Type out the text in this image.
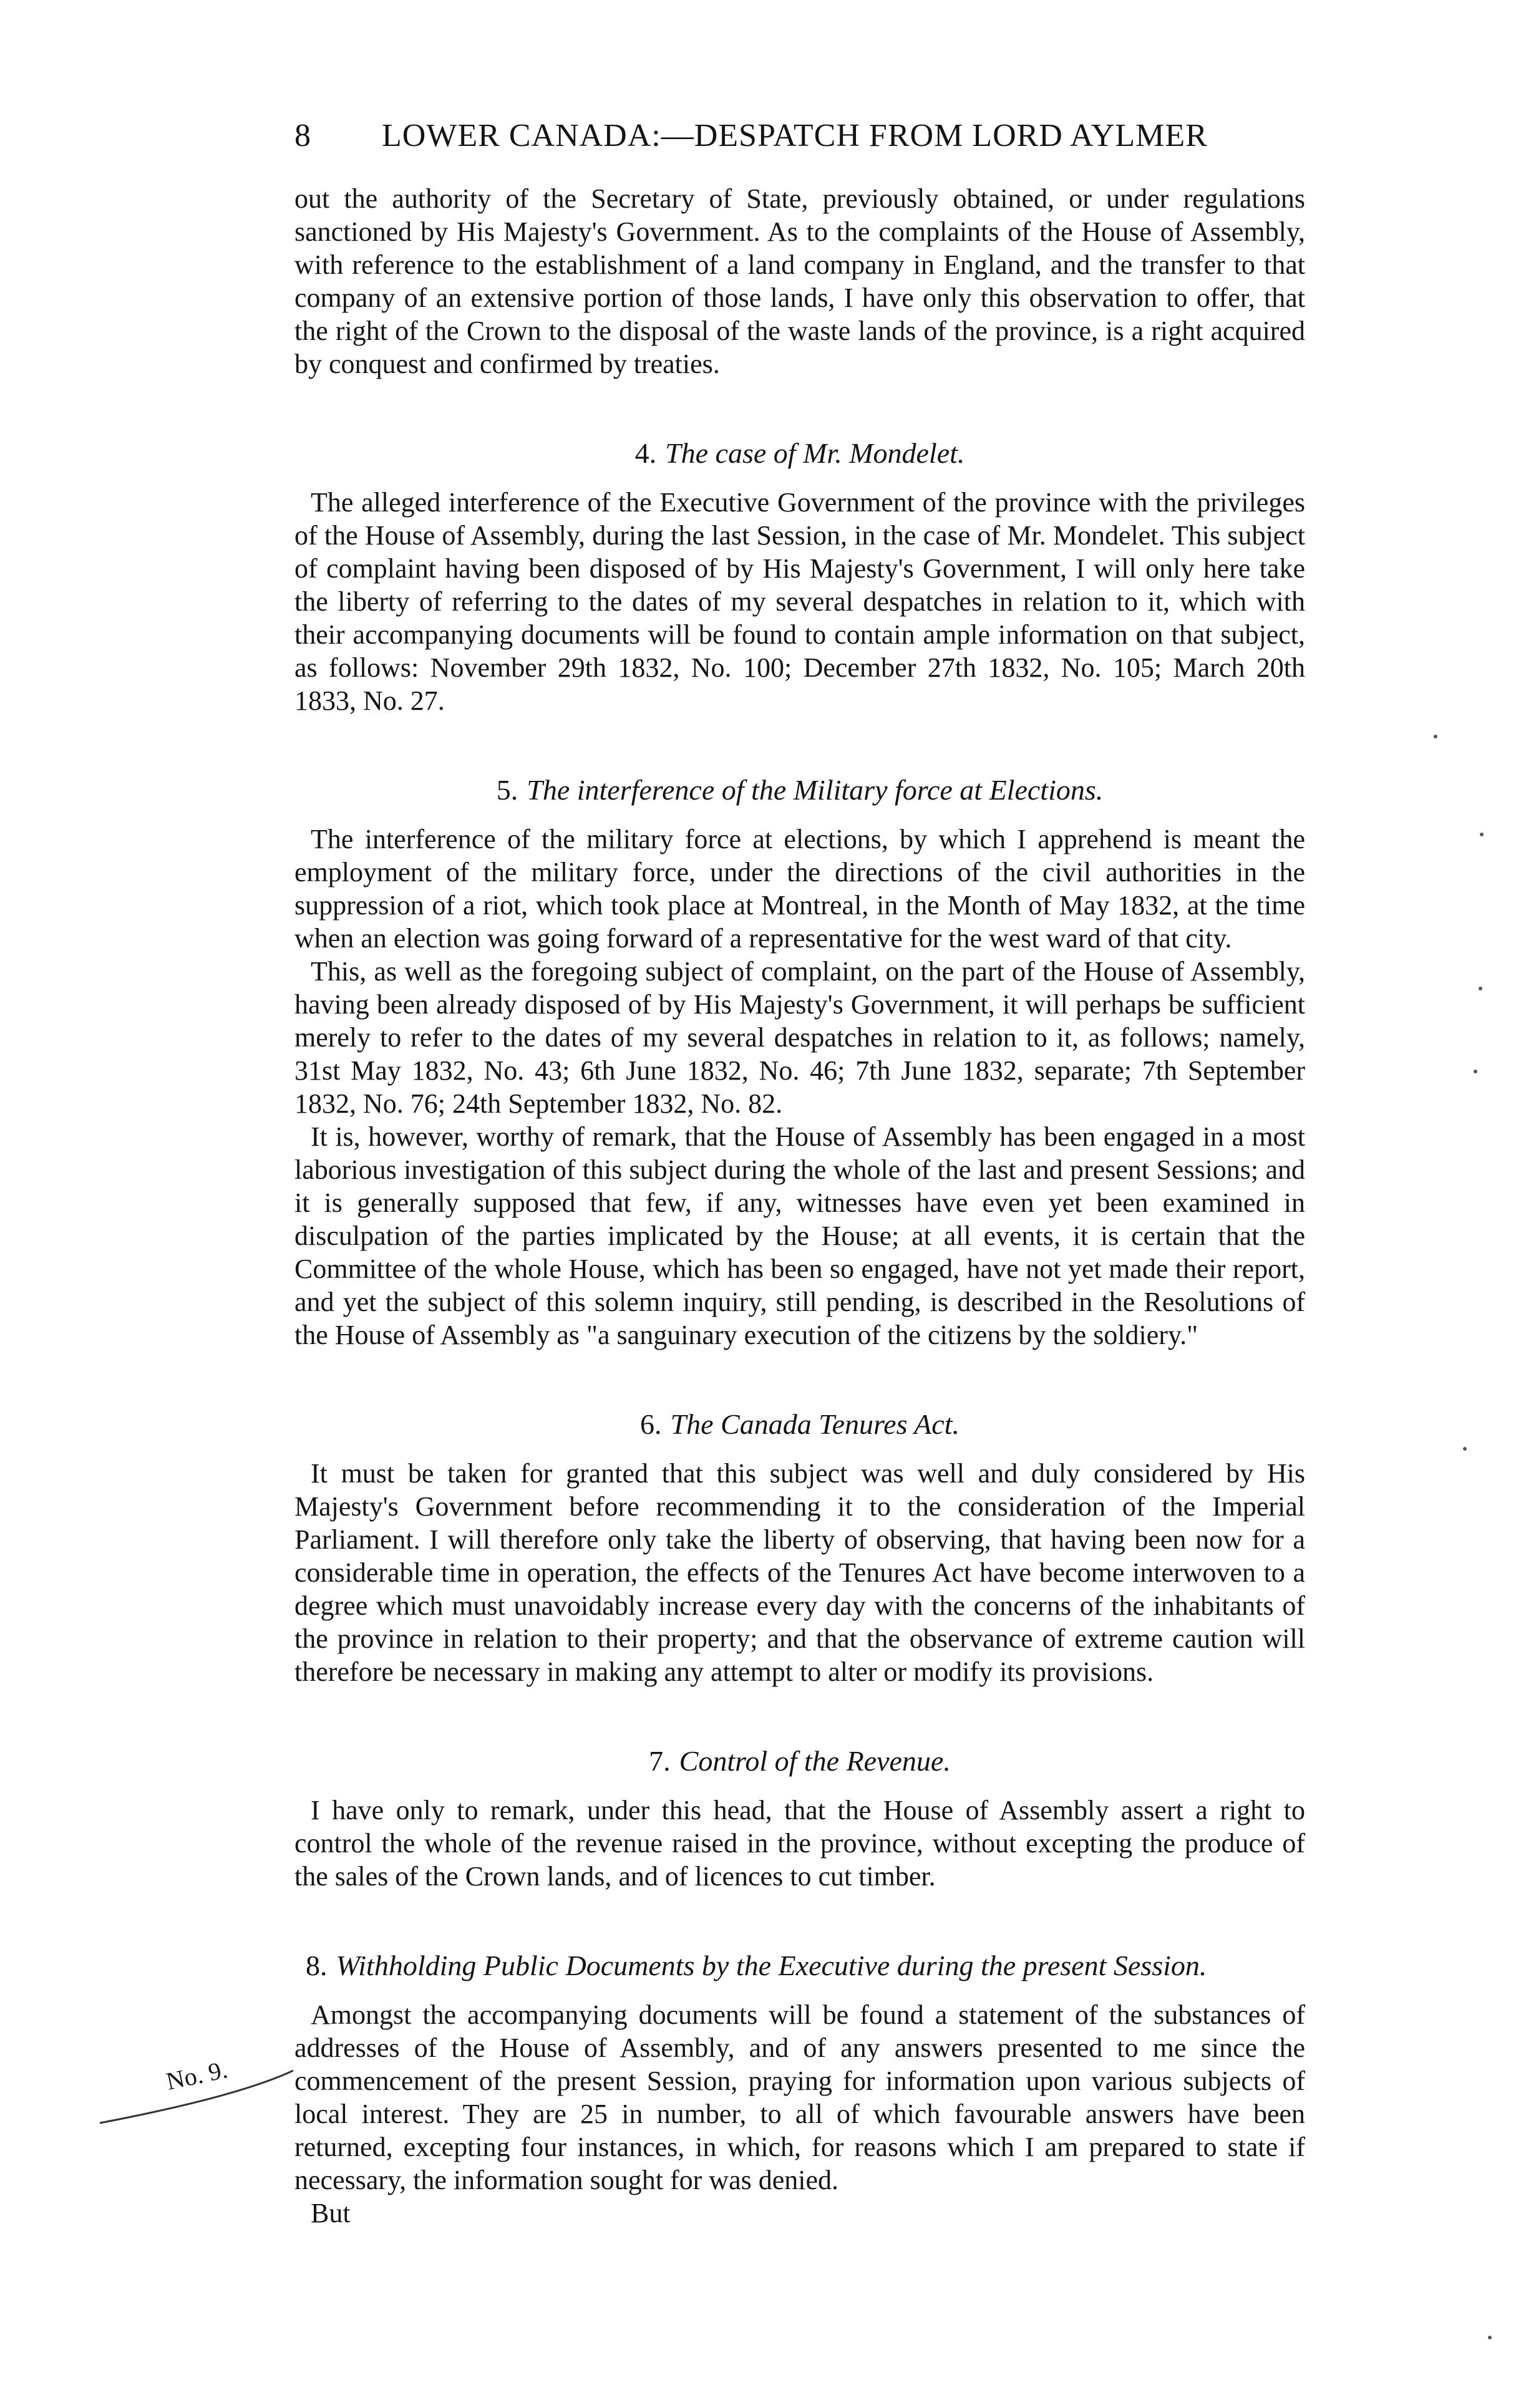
8 LOWER CANADA:—DESPATCH FROM LORD AYLMER

out the authority of the Secretary of State, previously obtained, or under regulations sanctioned by His Majesty's Government. As to the complaints of the House of Assembly, with reference to the establishment of a land company in England, and the transfer to that company of an extensive portion of those lands, I have only this observation to offer, that the right of the Crown to the disposal of the waste lands of the province, is a right acquired by conquest and confirmed by treaties.

4. The case of Mr. Mondelet.

The alleged interference of the Executive Government of the province with the privileges of the House of Assembly, during the last Session, in the case of Mr. Mondelet. This subject of complaint having been disposed of by His Majesty's Government, I will only here take the liberty of referring to the dates of my several despatches in relation to it, which with their accompanying documents will be found to contain ample information on that subject, as follows: November 29th 1832, No. 100; December 27th 1832, No. 105; March 20th 1833, No. 27.

5. The interference of the Military force at Elections.

The interference of the military force at elections, by which I apprehend is meant the employment of the military force, under the directions of the civil authorities in the suppression of a riot, which took place at Montreal, in the Month of May 1832, at the time when an election was going forward of a representative for the west ward of that city.

This, as well as the foregoing subject of complaint, on the part of the House of Assembly, having been already disposed of by His Majesty's Government, it will perhaps be sufficient merely to refer to the dates of my several despatches in relation to it, as follows; namely, 31st May 1832, No. 43; 6th June 1832, No. 46; 7th June 1832, separate; 7th September 1832, No. 76; 24th September 1832, No. 82.

It is, however, worthy of remark, that the House of Assembly has been engaged in a most laborious investigation of this subject during the whole of the last and present Sessions; and it is generally supposed that few, if any, witnesses have even yet been examined in disculpation of the parties implicated by the House; at all events, it is certain that the Committee of the whole House, which has been so engaged, have not yet made their report, and yet the subject of this solemn inquiry, still pending, is described in the Resolutions of the House of Assembly as "a sanguinary execution of the citizens by the soldiery."

6. The Canada Tenures Act.

It must be taken for granted that this subject was well and duly considered by His Majesty's Government before recommending it to the consideration of the Imperial Parliament. I will therefore only take the liberty of observing, that having been now for a considerable time in operation, the effects of the Tenures Act have become interwoven to a degree which must unavoidably increase every day with the concerns of the inhabitants of the province in relation to their property; and that the observance of extreme caution will therefore be necessary in making any attempt to alter or modify its provisions.

7. Control of the Revenue.

I have only to remark, under this head, that the House of Assembly assert a right to control the whole of the revenue raised in the province, without excepting the produce of the sales of the Crown lands, and of licences to cut timber.

8. Withholding Public Documents by the Executive during the present Session.

Amongst the accompanying documents will be found a statement of the substances of addresses of the House of Assembly, and of any answers presented to me since the commencement of the present Session, praying for information upon various subjects of local interest. They are 25 in number, to all of which favourable answers have been returned, excepting four instances, in which, for reasons which I am prepared to state if necessary, the information sought for was denied.

But

No. 9.
